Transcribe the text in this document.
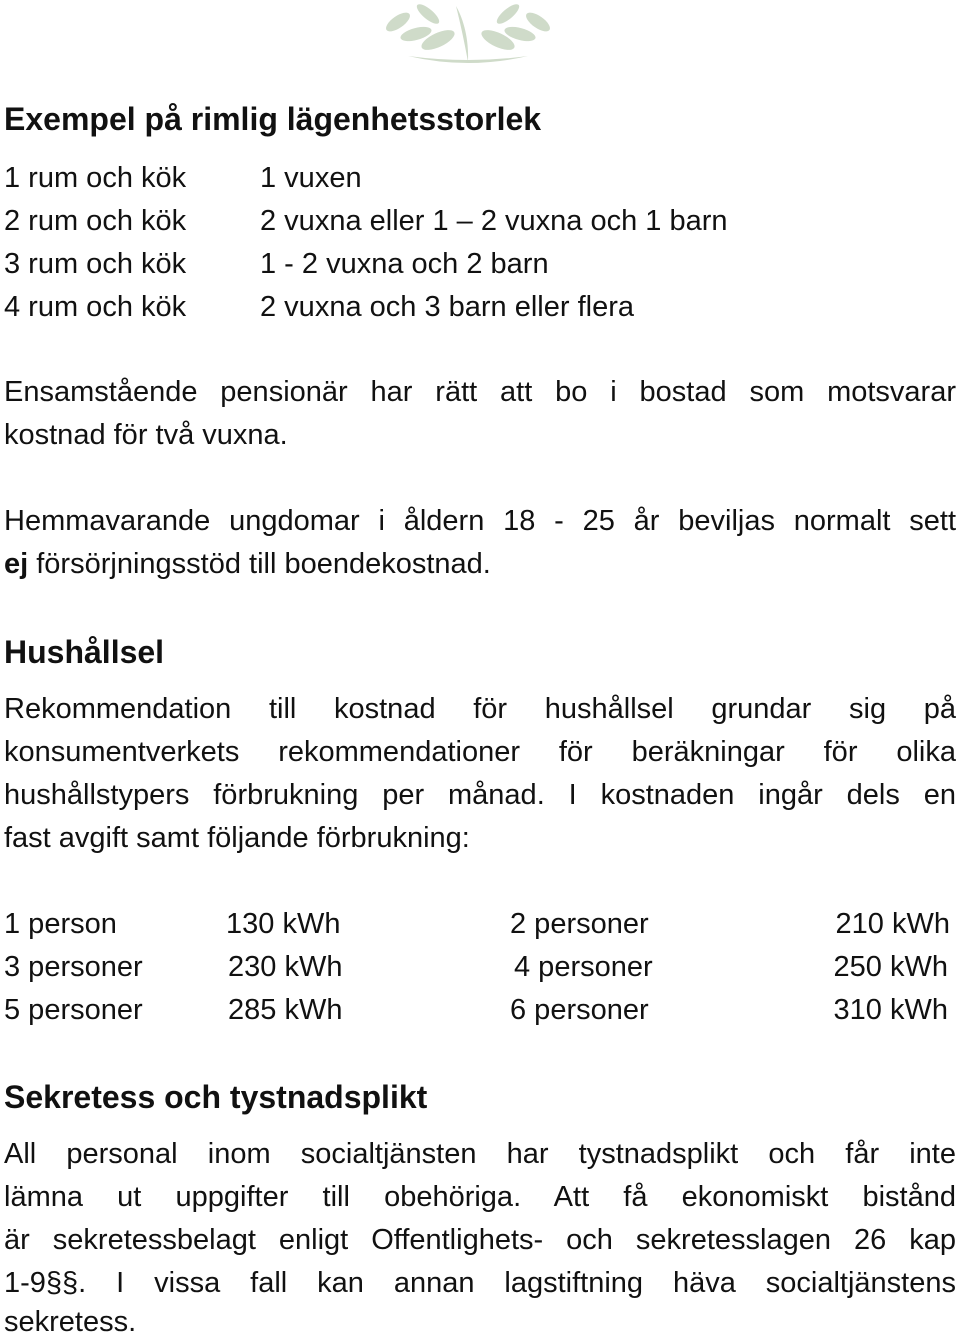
Exempel på rimlig lägenhetsstorlek
1 rum och kök	1 vuxen
2 rum och kök	2 vuxna eller 1 – 2 vuxna och 1 barn
3 rum och kök	1 - 2 vuxna och 2 barn
4 rum och kök	2 vuxna och 3 barn eller flera
Ensamstående pensionär har rätt att bo i bostad som motsvarar
kostnad för två vuxna.
Hemmavarande ungdomar i åldern 18 - 25 år beviljas normalt sett
ej försörjningsstöd till boendekostnad.
Hushållsel
Rekommendation till kostnad för hushållsel grundar sig på
konsumentverkets rekommendationer för beräkningar för olika
hushållstypers förbrukning per månad. I kostnaden ingår dels en
fast avgift samt följande förbrukning:
1 person	130 kWh	2 personer	210 kWh
3 personer	230 kWh	4 personer	250 kWh
5 personer	285 kWh	6 personer	310 kWh
Sekretess och tystnadsplikt
All personal inom socialtjänsten har tystnadsplikt och får inte
lämna ut uppgifter till obehöriga. Att få ekonomiskt bistånd
är sekretessbelagt enligt Offentlighets- och sekretesslagen 26 kap
1-9§§. I vissa fall kan annan lagstiftning häva socialtjänstens
sekretess.
